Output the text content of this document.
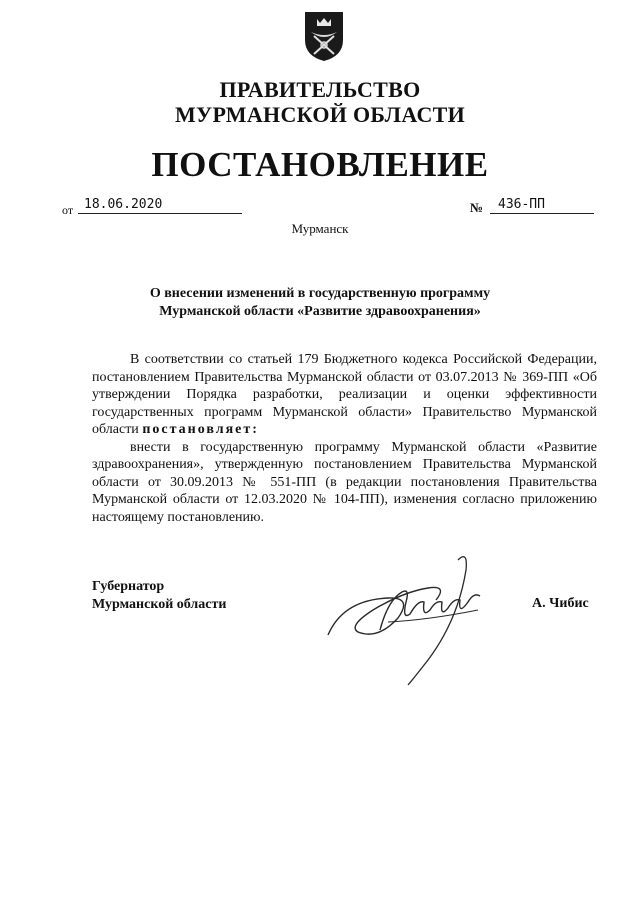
ПРАВИТЕЛЬСТВО
МУРМАНСКОЙ ОБЛАСТИ
ПОСТАНОВЛЕНИЕ
от 18.06.2020	№	436-ПП
Мурманск
О внесении изменений в государственную программу
Мурманской области «Развитие здравоохранения»

В соответствии со статьей 179 Бюджетного кодекса Российской Федерации, постановлением Правительства Мурманской области от 03.07.2013 № 369-ПП «Об утверждении Порядка разработки, реализации и оценки эффективности государственных программ Мурманской области» Правительство Мурманской области постановляет:

внести в государственную программу Мурманской области «Развитие здравоохранения», утвержденную постановлением Правительства Мурманской области от 30.09.2013 № 551-ПП (в редакции постановления Правительства Мурманской области от 12.03.2020 № 104-ПП), изменения согласно приложению настоящему постановлению.

Губернатор
Мурманской области	А. Чибис
